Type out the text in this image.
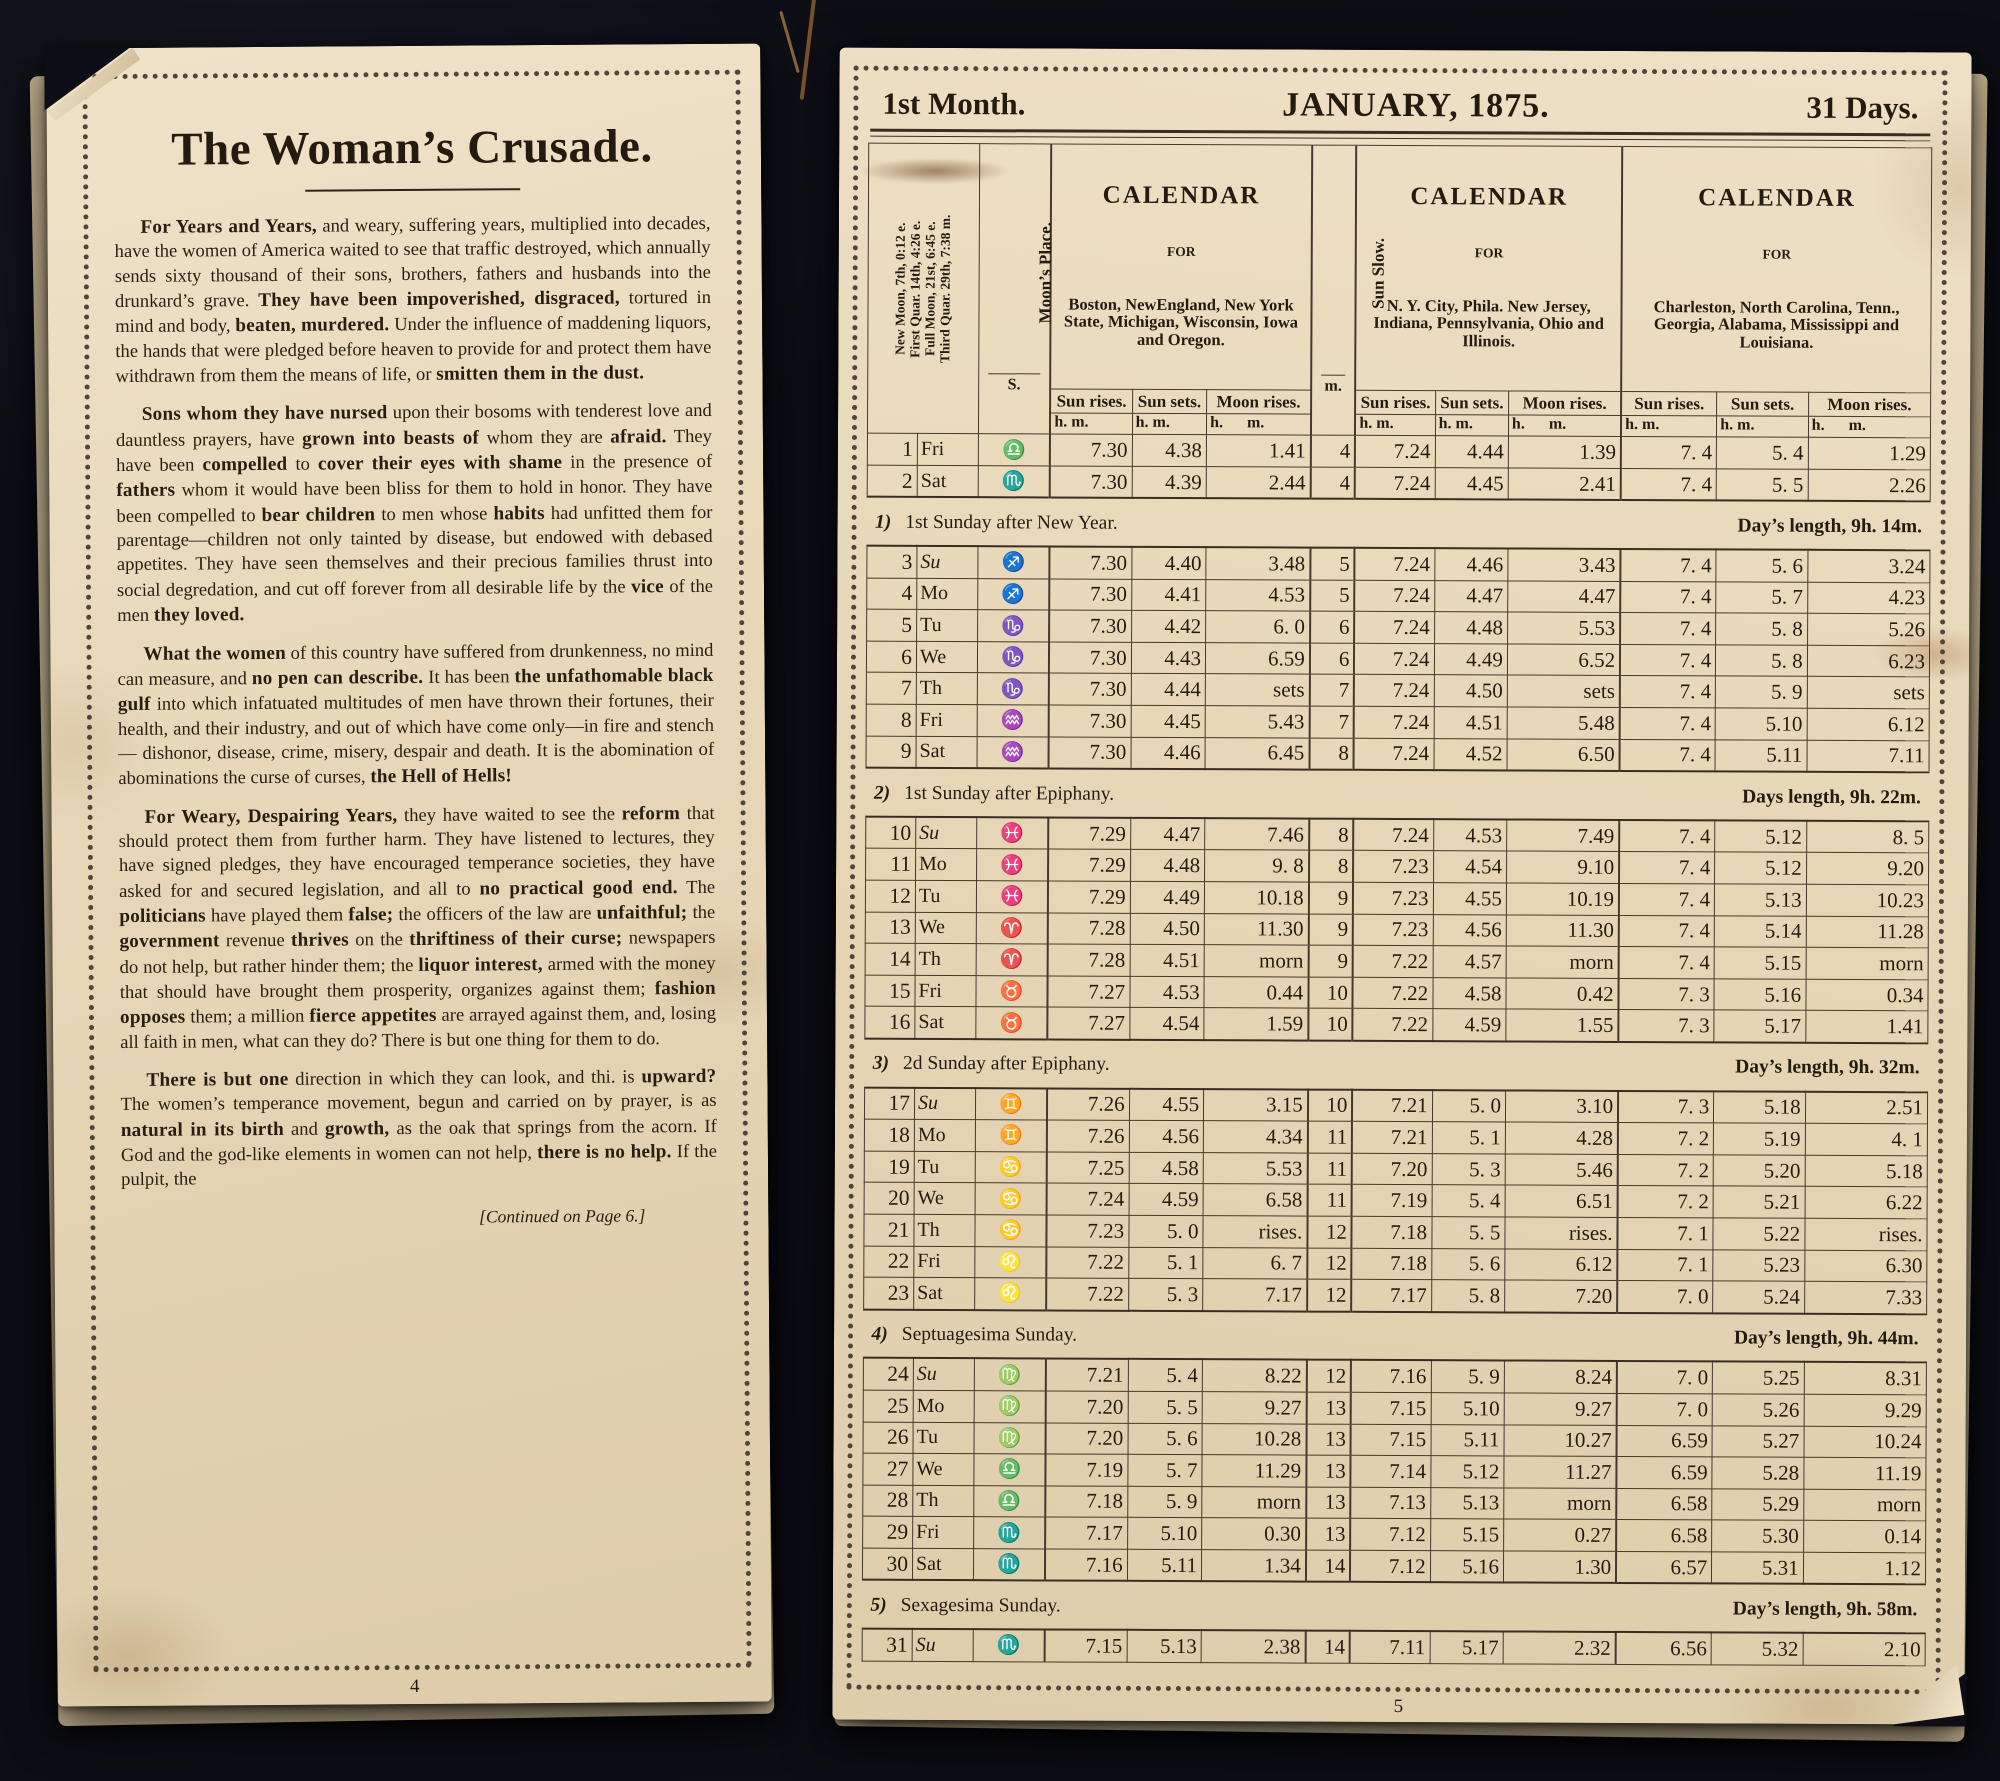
The Woman’s Crusade.

For Years and Years, and weary, suffering years, multiplied into decades, have the women of America waited to see that traffic destroyed, which annually sends sixty thousand of their sons, brothers, fathers and husbands into the drunkard’s grave. They have been impoverished, disgraced, tortured in mind and body, beaten, murdered. Under the influence of maddening liquors, the hands that were pledged before heaven to provide for and protect them have withdrawn from them the means of life, or smitten them in the dust.

Sons whom they have nursed upon their bosoms with tenderest love and dauntless prayers, have grown into beasts of whom they are afraid. They have been compelled to cover their eyes with shame in the presence of fathers whom it would have been bliss for them to hold in honor. They have been compelled to bear children to men whose habits had unfitted them for parentage—children not only tainted by disease, but endowed with debased appetites. They have seen themselves and their precious families thrust into social degredation, and cut off forever from all desirable life by the vice of the men they loved.

What the women of this country have suffered from drunkenness, no mind can measure, and no pen can describe. It has been the unfathomable black gulf into which infatuated multitudes of men have thrown their fortunes, their health, and their industry, and out of which have come only—in fire and stench— dishonor, disease, crime, misery, despair and death. It is the abomination of abominations the curse of curses, the Hell of Hells!

For Weary, Despairing Years, they have waited to see the reform that should protect them from further harm. They have listened to lectures, they have signed pledges, they have encouraged temperance societies, they have asked for and secured legislation, and all to no practical good end. The politicians have played them false; the officers of the law are unfaithful; the government revenue thrives on the thriftiness of their curse; newspapers do not help, but rather hinder them; the liquor interest, armed with the money that should have brought them prosperity, organizes against them; fashion opposes them; a million fierce appetites are arrayed against them, and, losing all faith in men, what can they do? There is but one thing for them to do.

There is but one direction in which they can look, and thi. is upward? The women’s temperance movement, begun and carried on by prayer, is as natural in its birth and growth, as the oak that springs from the acorn. If God and the god-like elements in women can not help, there is no help. If the pulpit, the

[Continued on Page 6.]
4
1st Month.	JANUARY, 1875.	31 Days.

New Moon, 7th, 0:12 e. First Quar. 14th, 4:26 e. Full Moon, 21st, 6:45 e. Third Quar. 29th, 7:38 m.	Moon’s Place.

S.

CALENDAR

FOR

Boston, NewEngland, New York State, Michigan, Wisconsin, Iowa and Oregon.

Sun Slow.

m.

CALENDAR

FOR

N. Y. City, Phila. New Jersey, Indiana, Pennsylvania, Ohio and Illinois.

CALENDAR

FOR

Charleston, North Carolina, Tenn., Georgia, Alabama, Mississippi and Louisiana.

			Sun rises.	Sun sets.	Moon rises.		Sun rises.	Sun sets.	Moon rises.	Sun rises.	Sun sets.	Moon rises.
			h. m.	h. m.	h.      m.		h. m.	h. m.	h.      m.	h. m.	h. m.	h.      m.
1	Fri	♎	7.30	4.38	1.41	4	7.24	4.44	1.39	7. 4	5. 4	1.29
2	Sat	♏	7.30	4.39	2.44	4	7.24	4.45	2.41	7. 4	5. 5	2.26
1) Day’s length, 9h. 14m.
1st Sunday after New Year.												
3	Su	♐	7.30	4.40	3.48	5	7.24	4.46	3.43	7. 4	5. 6	3.24
4	Mo	♐	7.30	4.41	4.53	5	7.24	4.47	4.47	7. 4	5. 7	4.23
5	Tu	♑	7.30	4.42	6. 0	6	7.24	4.48	5.53	7. 4	5. 8	5.26
6	We	♑	7.30	4.43	6.59	6	7.24	4.49	6.52	7. 4	5. 8	6.23
7	Th	♑	7.30	4.44	sets	7	7.24	4.50	sets	7. 4	5. 9	sets
8	Fri	♒	7.30	4.45	5.43	7	7.24	4.51	5.48	7. 4	5.10	6.12
9	Sat	♒	7.30	4.46	6.45	8	7.24	4.52	6.50	7. 4	5.11	7.11
2) Days length, 9h. 22m.
1st Sunday after Epiphany.												
10	Su	♓	7.29	4.47	7.46	8	7.24	4.53	7.49	7. 4	5.12	8. 5
11	Mo	♓	7.29	4.48	9. 8	8	7.23	4.54	9.10	7. 4	5.12	9.20
12	Tu	♓	7.29	4.49	10.18	9	7.23	4.55	10.19	7. 4	5.13	10.23
13	We	♈	7.28	4.50	11.30	9	7.23	4.56	11.30	7. 4	5.14	11.28
14	Th	♈	7.28	4.51	morn	9	7.22	4.57	morn	7. 4	5.15	morn
15	Fri	♉	7.27	4.53	0.44	10	7.22	4.58	0.42	7. 3	5.16	0.34
16	Sat	♉	7.27	4.54	1.59	10	7.22	4.59	1.55	7. 3	5.17	1.41
3) Day’s length, 9h. 32m.
2d Sunday after Epiphany.												
17	Su	♊	7.26	4.55	3.15	10	7.21	5. 0	3.10	7. 3	5.18	2.51
18	Mo	♊	7.26	4.56	4.34	11	7.21	5. 1	4.28	7. 2	5.19	4. 1
19	Tu	♋	7.25	4.58	5.53	11	7.20	5. 3	5.46	7. 2	5.20	5.18
20	We	♋	7.24	4.59	6.58	11	7.19	5. 4	6.51	7. 2	5.21	6.22
21	Th	♋	7.23	5. 0	rises.	12	7.18	5. 5	rises.	7. 1	5.22	rises.
22	Fri	♌	7.22	5. 1	6. 7	12	7.18	5. 6	6.12	7. 1	5.23	6.30
23	Sat	♌	7.22	5. 3	7.17	12	7.17	5. 8	7.20	7. 0	5.24	7.33
4) Day’s length, 9h. 44m.
Septuagesima Sunday.												
24	Su	♍	7.21	5. 4	8.22	12	7.16	5. 9	8.24	7. 0	5.25	8.31
25	Mo	♍	7.20	5. 5	9.27	13	7.15	5.10	9.27	7. 0	5.26	9.29
26	Tu	♍	7.20	5. 6	10.28	13	7.15	5.11	10.27	6.59	5.27	10.24
27	We	♎	7.19	5. 7	11.29	13	7.14	5.12	11.27	6.59	5.28	11.19
28	Th	♎	7.18	5. 9	morn	13	7.13	5.13	morn	6.58	5.29	morn
29	Fri	♏	7.17	5.10	0.30	13	7.12	5.15	0.27	6.58	5.30	0.14
30	Sat	♏	7.16	5.11	1.34	14	7.12	5.16	1.30	6.57	5.31	1.12
5) Day’s length, 9h. 58m.
Sexagesima Sunday.												
31	Su	♏	7.15	5.13	2.38	14	7.11	5.17	2.32	6.56	5.32	2.10
5
